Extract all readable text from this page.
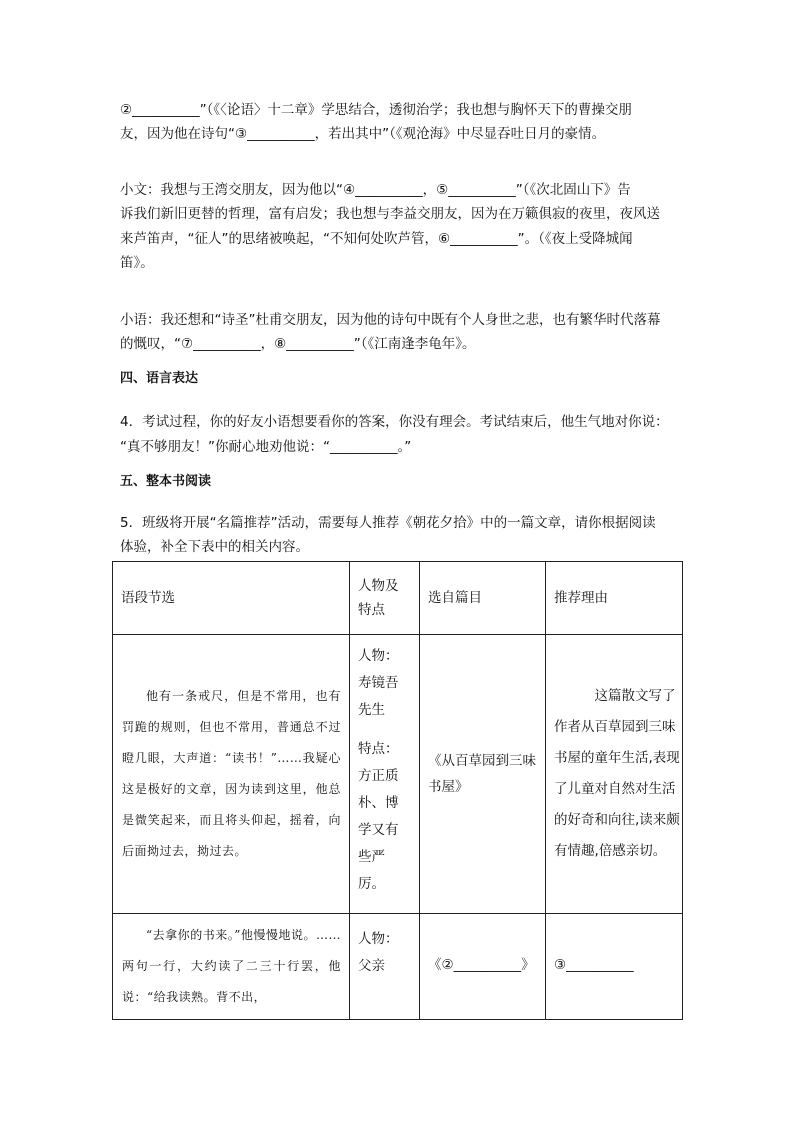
②__________”（《〈论语〉十二章》学思结合，透彻治学；我也想与胸怀天下的曹操交朋

友，因为他在诗句“③__________，若出其中”（《观沧海》中尽显吞吐日月的豪情。

小文：我想与王湾交朋友，因为他以“④__________，⑤__________”（《次北固山下》告

诉我们新旧更替的哲理，富有启发；我也想与李益交朋友，因为在万籁俱寂的夜里，夜风送

来芦笛声，“征人”的思绪被唤起，“不知何处吹芦管，⑥__________”。（《夜上受降城闻

笛》。

小语：我还想和“诗圣”杜甫交朋友，因为他的诗句中既有个人身世之悲，也有繁华时代落幕

的慨叹，“⑦__________，⑧__________”（《江南逢李龟年》。

四、语言表达

4．考试过程，你的好友小语想要看你的答案，你没有理会。考试结束后，他生气地对你说：

“真不够朋友！”你耐心地劝他说：“__________。”

五、整本书阅读

5．班级将开展“名篇推荐”活动，需要每人推荐《朝花夕拾》中的一篇文章，请你根据阅读

体验，补全下表中的相关内容。

语段节选	人物及特点	选自篇目	推荐理由

他有一条戒尺，但是不常用，也有罚跪的规则，但也不常用，普通总不过瞪几眼，大声道：“读书！”……我疑心这是极好的文章，因为读到这里，他总是微笑起来，而且将头仰起，摇着，向后面拗过去，拗过去。	人物：寿镜吾先生
特点：方正质朴、博学又有些严厉。	《从百草园到三味书屋》	这篇散文写了作者从百草园到三味书屋的童年生活,表现了儿童对自然对生活的好奇和向往,读来颇有情趣,倍感亲切。

“去拿你的书来。”他慢慢地说。……两句一行，大约读了二三十行罢，他说：“给我读熟。背不出，	人物：父亲	《②__________》	③__________
